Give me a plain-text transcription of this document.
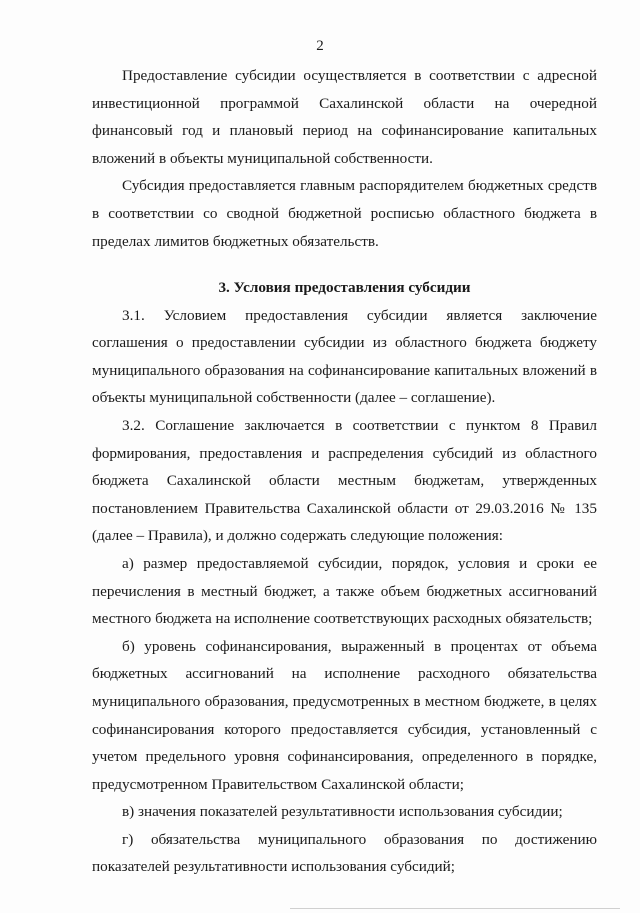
2

Предоставление субсидии осуществляется в соответствии с адресной инвестиционной программой Сахалинской области на очередной финансовый год и плановый период на софинансирование капитальных вложений в объекты муниципальной собственности.

Субсидия предоставляется главным распорядителем бюджетных средств в соответствии со сводной бюджетной росписью областного бюджета в пределах лимитов бюджетных обязательств.

3. Условия предоставления субсидии

3.1. Условием предоставления субсидии является заключение соглашения о предоставлении субсидии из областного бюджета бюджету муниципального образования на софинансирование капитальных вложений в объекты муниципальной собственности (далее – соглашение).

3.2. Соглашение заключается в соответствии с пунктом 8 Правил формирования, предоставления и распределения субсидий из областного бюджета Сахалинской области местным бюджетам, утвержденных постановлением Правительства Сахалинской области от 29.03.2016 № 135 (далее – Правила), и должно содержать следующие положения:

а) размер предоставляемой субсидии, порядок, условия и сроки ее перечисления в местный бюджет, а также объем бюджетных ассигнований местного бюджета на исполнение соответствующих расходных обязательств;

б) уровень софинансирования, выраженный в процентах от объема бюджетных ассигнований на исполнение расходного обязательства муниципального образования, предусмотренных в местном бюджете, в целях софинансирования которого предоставляется субсидия, установленный с учетом предельного уровня софинансирования, определенного в порядке, предусмотренном Правительством Сахалинской области;

в) значения показателей результативности использования субсидии;

г) обязательства муниципального образования по достижению показателей результативности использования субсидий;
